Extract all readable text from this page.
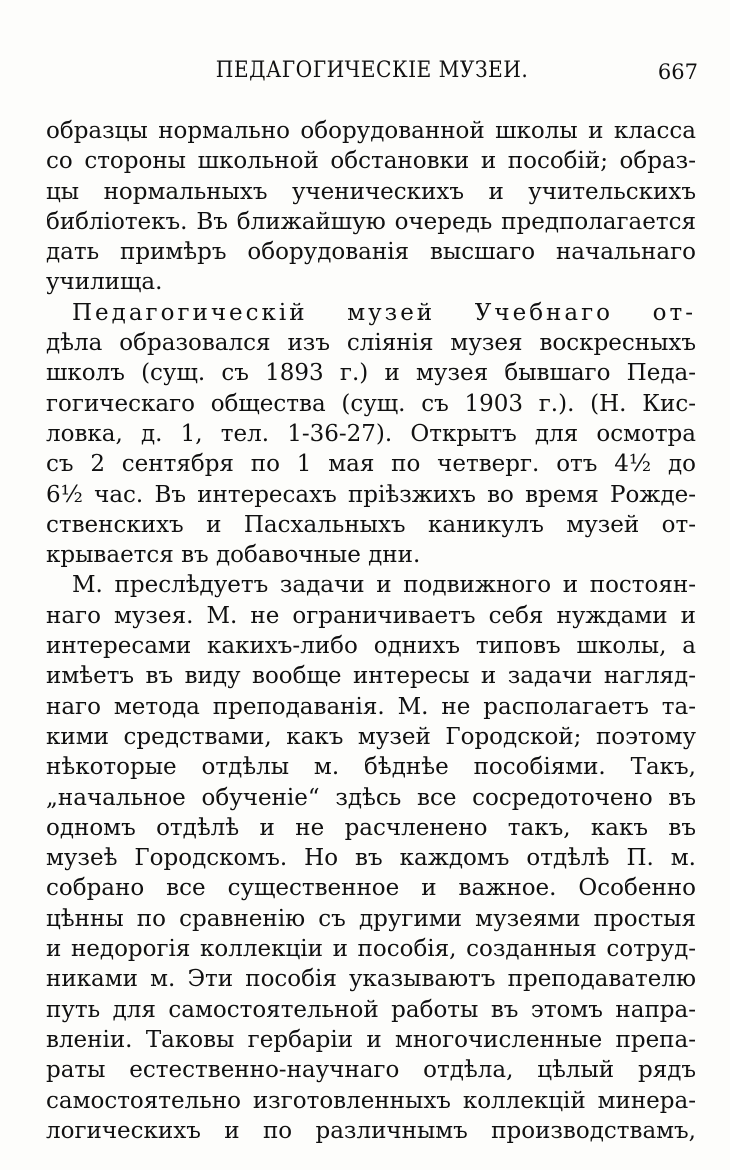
ПЕДАГОГИЧЕСКІЕ МУЗЕИ.	667
образцы нормально оборудованной школы и класса
со стороны школьной обстановки и пособій; образ-
цы нормальныхъ ученическихъ и учительскихъ
библіотекъ. Въ ближайшую очередь предполагается
дать примѣръ оборудованія высшаго начальнаго
училища.
Педагогическій музей Учебнаго от-
дѣла образовался изъ слiянія музея воскресныхъ
школъ (сущ. съ 1893 г.) и музея бывшаго Педа-
гогическаго общества (сущ. съ 1903 г.). (Н. Кис-
ловка, д. 1, тел. 1-36-27). Открытъ для осмотра
съ 2 сентября по 1 мая по четверг. отъ 4½ до
6½ час. Въ интересахъ прiѣзжихъ во время Рожде-
ственскихъ и Пасхальныхъ каникулъ музей от-
крывается въ добавочные дни.
М. преслѣдуетъ задачи и подвижного и постоян-
наго музея. М. не ограничиваетъ себя нуждами и
интересами какихъ-либо однихъ типовъ школы, а
имѣетъ въ виду вообще интересы и задачи нагляд-
наго метода преподаванія. М. не располагаетъ та-
кими средствами, какъ музей Городской; поэтому
нѣкоторые отдѣлы м. бѣднѣе пособіями. Такъ,
„начальное обученіе“ здѣсь все сосредоточено въ
одномъ отдѣлѣ и не расчленено такъ, какъ въ
музеѣ Городскомъ. Но въ каждомъ отдѣлѣ П. м.
собрано все существенное и важное. Особенно
цѣнны по сравненію съ другими музеями простыя
и недорогія коллекціи и пособія, созданныя сотруд-
никами м. Эти пособія указываютъ преподавателю
путь для самостоятельной работы въ этомъ напра-
вленіи. Таковы гербаріи и многочисленные препа-
раты естественно-научнаго отдѣла, цѣлый рядъ
самостоятельно изготовленныхъ коллекцій минера-
логическихъ и по различнымъ производствамъ,
